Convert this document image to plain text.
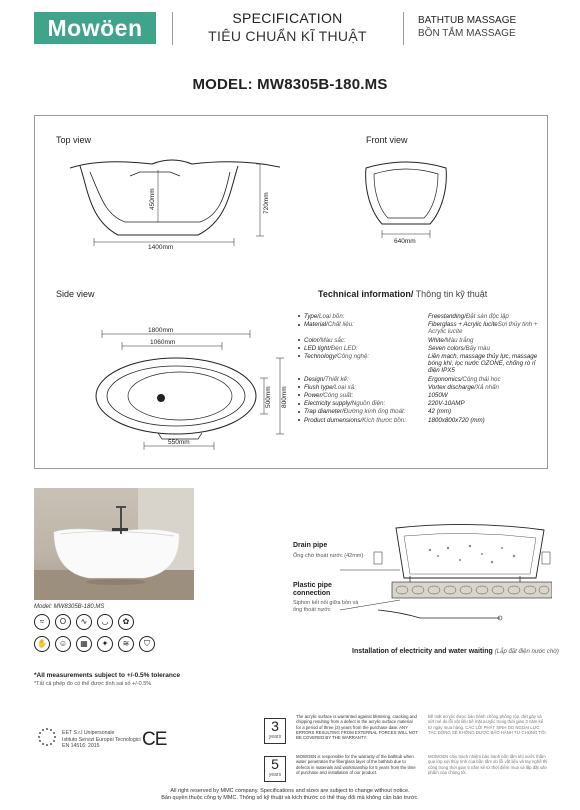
Mowöen	SPECIFICATION
TIÊU CHUẨN KĨ THUẬT
BATHTUB MASSAGE
BỒN TẮM MASSAGE
MODEL: MW8305B-180.MS
Top view	Front view
Side view
1400mm
450mm	720mm
640mm
1800mm
1060mm
500mm 800mm
550mm
Technical information/ Thông tin kỹ thuật
Type/Loại bồn:	Freestanding/Đặt sàn độc lập
Material/Chất liệu:	Fiberglass + Acrylic luciteSợi thủy tinh + Acrylic lucite
Color/Màu sắc:	White/Màu trắng
LED light/Đèn LED:	Seven colors/Bảy màu
Technology/Công nghệ:	Liền mạch, massage thủy lực, massage bóng khí, lọc nước OZONE, chống rò rỉ điện IPX5
Design/Thiết kế:	Ergonomics/Công thái học
Flush type/Loại xả:	Vortex discharge/Xả nhấn
Power/Công suất:	1050W
Electricity supply/Nguồn điện:	220V-10AMP
Trap diameter/Đường kính ống thoát:	42 (mm)
Product dumensions/Kích thước bồn:	1800x800x720 (mm)
Model: MW8305B-180.MS
≈	O	∿	◡	✿
✋	☺	▦	✦	≋	⛉
Drain pipe
Ống chờ thoát nước (42mm)
Plastic pipe connection
Siphon kết nối giữa bồn và ống thoát nước
Installation of electricity and water waiting (Lắp đặt điện nước chờ)
*All measurements subject to +/-0.5% tolerance
*Tất cả phép đo có thể được tính sai số +/-0.5%
EET S.r.l Unipersonale
Istituto Servizi Europei Tecnologici
EN 14516: 2015	CE
3
years
The acrylic surface is warranted against blistering, cracking and chipping resulting from a defect in the acrylic surface material for a period of three (3) years from the purchase date. ANY ERRORS RESULTING FROM EXTERNAL FORCES WILL NOT BE COVERED BY THE WARRANTY.
Bề mặt acrylic được bảo hành chống phồng rộp, đứt gãy và sứt mẻ do lỗi vật liệu bề mặt acrylic trong thời gian 3 năm kể từ ngày mua hàng. CÁC LỖI PHÁT SINH DO NGOẠI LỰC TÁC ĐỘNG SẼ KHÔNG ĐƯỢC BẢO HÀNH TỪ CHÚNG TÔI.
5
years
MOWOEN is responsible for the warranty of the bathtub when water penetrates the fiberglass layer of the bathtub due to defects in materials and workmanship for 5 years from the time of purchase and installation of our product.
MOWOEN chịu trách nhiệm bảo hành bồn tắm khi nước thấm qua lớp sợi thủy tinh của bồn tắm do lỗi vật liệu và tay nghề thi công trong thời gian 5 năm kể từ thời điểm mua và lắp đặt sản phẩm của chúng tôi.
All right reserved by MMC company. Specifications and sizes are subject to change without notice.
Bản quyền thuộc công ty MMC. Thông số kỹ thuật và kích thước có thể thay đổi mà không cần báo trước.
